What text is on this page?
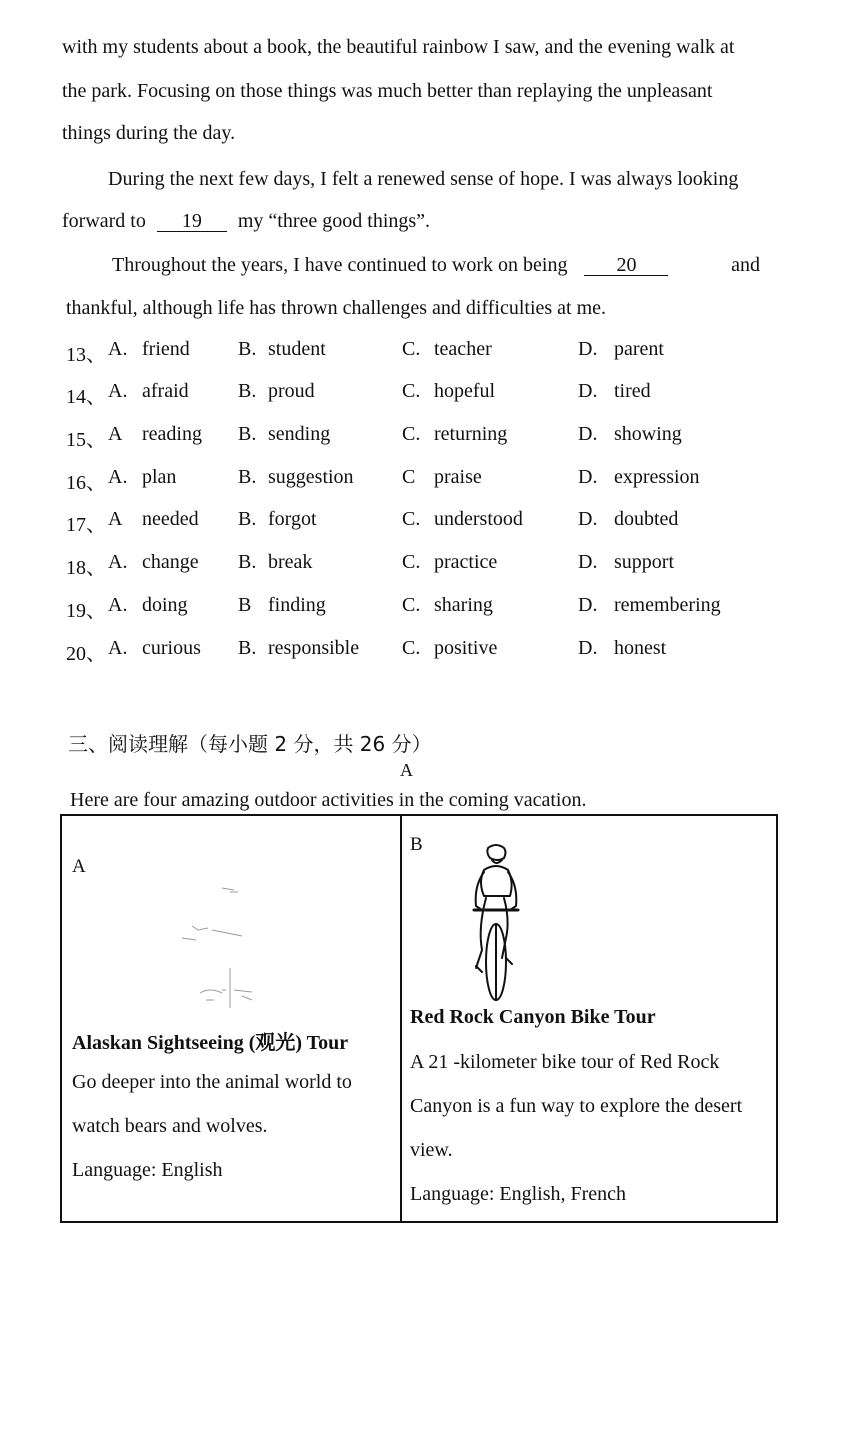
with my students about a book, the beautiful rainbow I saw, and the evening walk at
the park. Focusing on those things was much better than replaying the unpleasant
things during the day.
During the next few days, I felt a renewed sense of hope. I was always looking
forward to 19 my “three good things”.
Throughout the years, I have continued to work on being 20	and
thankful, although life has thrown challenges and difficulties at me.
13、 A. friend B. student	C. teacher	D. parent
14、 A. afraid B. proud	C. hopeful	D. tired
15、 A reading B. sending	C. returning	D. showing
16、 A. plan	B. suggestion C praise	D. expression
17、 A needed B. forgot	C. understood	D. doubted
18、 A. change B. break	C. practice	D. support
19、 A. doing	B finding	C. sharing	D. remembering
20、 A. curious B. responsible C. positive	D. honest
三、阅读理解（每小题 2 分，共 26 分）
A
Here are four amazing outdoor activities in the coming vacation.
A
Alaskan Sightseeing (观光) Tour
Go deeper into the animal world to
watch bears and wolves.
Language: English
B
Red Rock Canyon Bike Tour
A 21 -kilometer bike tour of Red Rock
Canyon is a fun way to explore the desert
view.
Language: English, French
